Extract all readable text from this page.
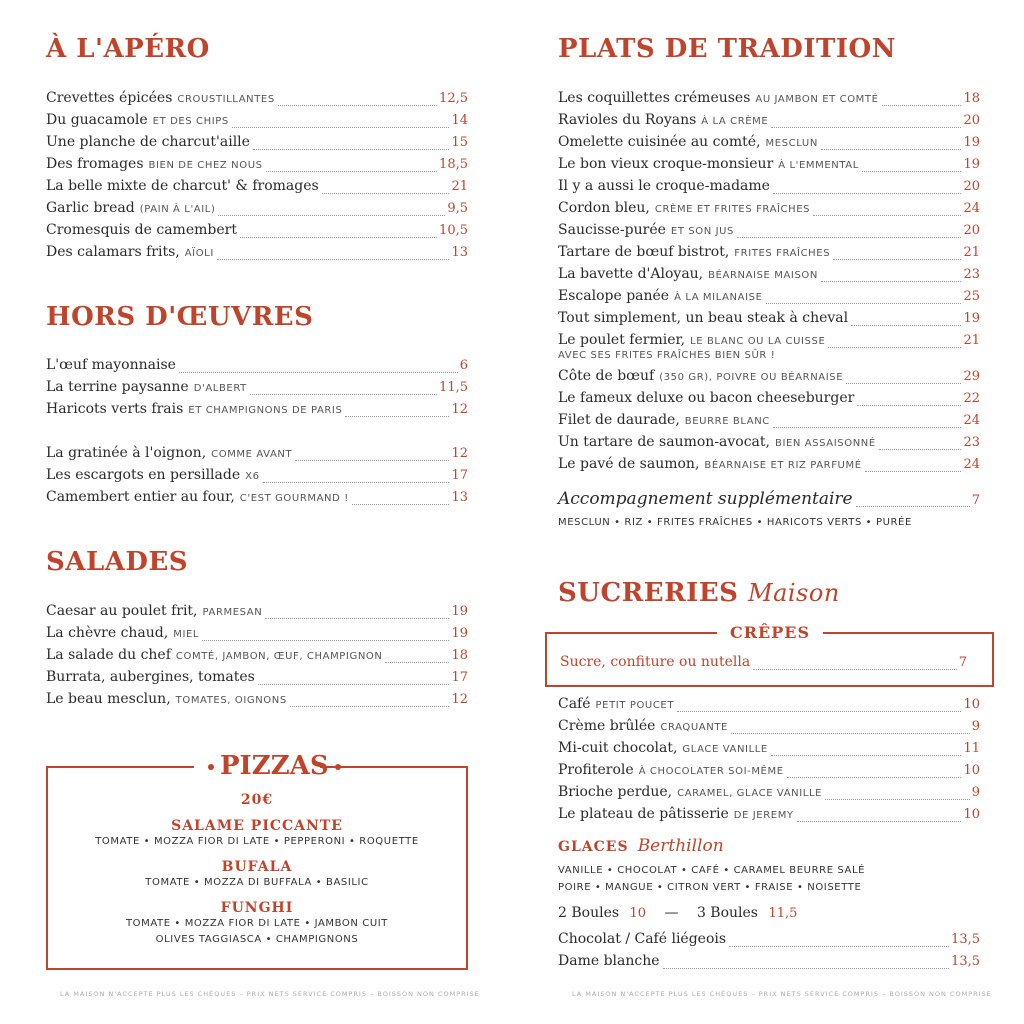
À L'APÉRO
Crevettes épicées CROUSTILLANTES	12,5
Du guacamole ET DES CHIPS	14
Une planche de charcut'aille	15
Des fromages BIEN DE CHEZ NOUS	18,5
La belle mixte de charcut' & fromages	21
Garlic bread (PAIN À L'AIL)	9,5
Cromesquis de camembert	10,5
Des calamars frits, AÏOLI	13
HORS D'ŒUVRES
L'œuf mayonnaise	6
La terrine paysanne D'ALBERT	11,5
Haricots verts frais ET CHAMPIGNONS DE PARIS	12
La gratinée à l'oignon, COMME AVANT	12
Les escargots en persillade X6	17
Camembert entier au four, C'EST GOURMAND !	13
SALADES
Caesar au poulet frit, PARMESAN	19
La chèvre chaud, MIEL	19
La salade du chef COMTÉ, JAMBON, ŒUF, CHAMPIGNON	18
Burrata, aubergines, tomates	17
Le beau mesclun, TOMATES, OIGNONS	12
PIZZAS
20€
SALAME PICCANTE
TOMATE • MOZZA FIOR DI LATE • PEPPERONI • ROQUETTE
BUFALA
TOMATE • MOZZA DI BUFFALA • BASILIC
FUNGHI
TOMATE • MOZZA FIOR DI LATE • JAMBON CUIT
OLIVES TAGGIASCA • CHAMPIGNONS
LA MAISON N'ACCEPTE PLUS LES CHÈQUES – PRIX NETS SERVICE COMPRIS – BOISSON NON COMPRISE
PLATS DE TRADITION
Les coquillettes crémeuses AU JAMBON ET COMTÉ	18
Ravioles du Royans À LA CRÈME	20
Omelette cuisinée au comté, MESCLUN	19
Le bon vieux croque-monsieur À L'EMMENTAL	19
Il y a aussi le croque-madame	20
Cordon bleu, CRÈME ET FRITES FRAÎCHES	24
Saucisse-purée ET SON JUS	20
Tartare de bœuf bistrot, FRITES FRAÎCHES	21
La bavette d'Aloyau, BÉARNAISE MAISON	23
Escalope panée À LA MILANAISE	25
Tout simplement, un beau steak à cheval	19
Le poulet fermier, LE BLANC OU LA CUISSE	21
AVEC SES FRITES FRAÎCHES BIEN SÛR !
Côte de bœuf (350 GR), POIVRE OU BÉARNAISE	29
Le fameux deluxe ou bacon cheeseburger	22
Filet de daurade, BEURRE BLANC	24
Un tartare de saumon-avocat, BIEN ASSAISONNÉ	23
Le pavé de saumon, BÉARNAISE ET RIZ PARFUMÉ	24
Accompagnement supplémentaire	7
MESCLUN • RIZ • FRITES FRAÎCHES • HARICOTS VERTS • PURÉE
SUCRERIES Maison
CRÊPES
Sucre, confiture ou nutella	7
Café PETIT POUCET	10
Crème brûlée CRAQUANTE	9
Mi-cuit chocolat, GLACE VANILLE	11
Profiterole À CHOCOLATER SOI-MÊME	10
Brioche perdue, CARAMEL, GLACE VANILLE	9
Le plateau de pâtisserie DE JEREMY	10
GLACES Berthillon
VANILLE • CHOCOLAT • CAFÉ • CARAMEL BEURRE SALÉ
POIRE • MANGUE • CITRON VERT • FRAISE • NOISETTE
2 Boules 10 — 3 Boules 11,5
Chocolat / Café liégeois	13,5
Dame blanche	13,5
LA MAISON N'ACCEPTE PLUS LES CHÈQUES – PRIX NETS SERVICE COMPRIS – BOISSON NON COMPRISE
